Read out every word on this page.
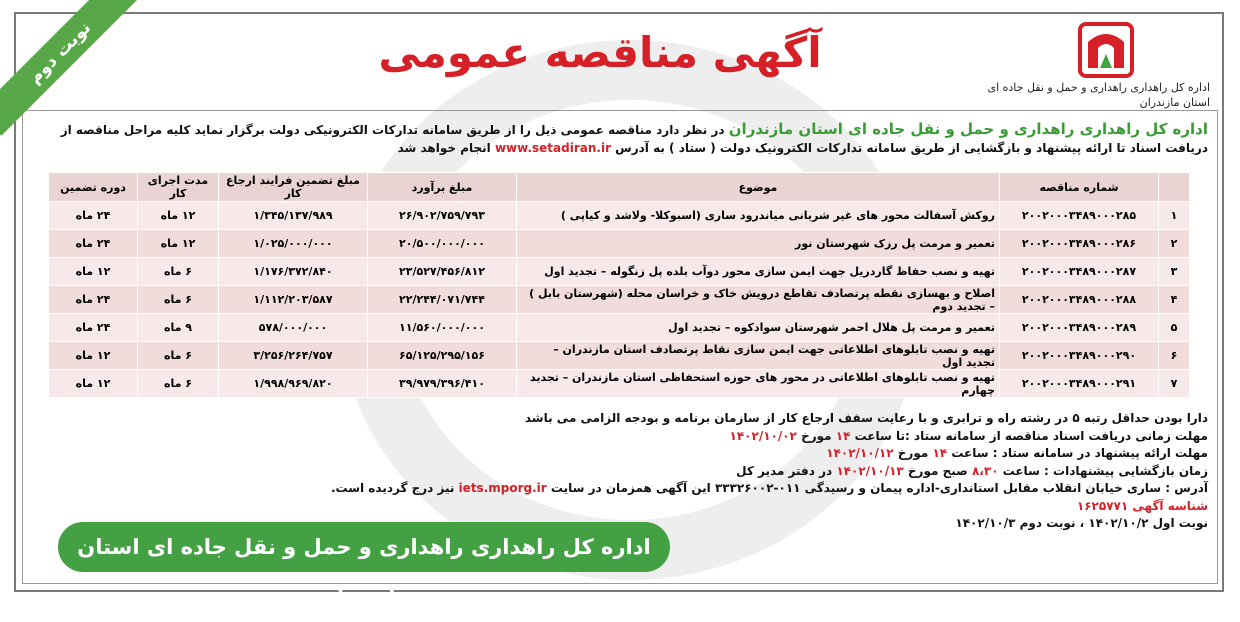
نوبت دوم	اداره کل راهداری راهداری و حمل و نقل جاده ای
استان مازندران
آگهی مناقصه عمومی
اداره کل راهداری راهداری و حمل و نقل جاده ای استان مازندران در نظر دارد مناقصه عمومی ذیل را از طریق سامانه تدارکات الکترونیکی دولت برگزار نماید کلیه مراحل مناقصه از دریافت اسناد تا ارائه پیشنهاد و بازگشایی از طریق سامانه تدارکات الکترونیک دولت ( ستاد ) به آدرس www.setadiran.ir انجام خواهد شد
	شماره مناقصه	موضوع	مبلغ برآورد	مبلغ تضمین فرایند ارجاع کار	مدت اجرای کار	دوره تضمین
۱	۲۰۰۲۰۰۰۳۴۸۹۰۰۰۲۸۵	روکش آسفالت محور های غیر شریانی میاندرود ساری (اسبوکلا- ولاشد و کیاپی )	۲۶/۹۰۲/۷۵۹/۷۹۳	۱/۳۴۵/۱۳۷/۹۸۹	۱۲ ماه	۲۴ ماه
۲	۲۰۰۲۰۰۰۳۴۸۹۰۰۰۲۸۶	تعمیر و مرمت پل رزک شهرستان نور	۲۰/۵۰۰/۰۰۰/۰۰۰	۱/۰۲۵/۰۰۰/۰۰۰	۱۲ ماه	۲۴ ماه
۳	۲۰۰۲۰۰۰۳۴۸۹۰۰۰۲۸۷	تهیه و نصب حفاظ گاردریل جهت ایمن سازی محور دوآب بلده پل زنگوله – تجدید اول	۲۳/۵۲۷/۴۵۶/۸۱۲	۱/۱۷۶/۳۷۲/۸۴۰	۶ ماه	۱۲ ماه
۴	۲۰۰۲۰۰۰۳۴۸۹۰۰۰۲۸۸	اصلاح و بهسازی نقطه پرتصادف تقاطع درویش خاک و خراسان محله (شهرستان بابل ) – تجدید دوم	۲۲/۲۴۴/۰۷۱/۷۴۴	۱/۱۱۲/۲۰۳/۵۸۷	۶ ماه	۲۴ ماه
۵	۲۰۰۲۰۰۰۳۴۸۹۰۰۰۲۸۹	تعمیر و مرمت پل هلال احمر شهرستان سوادکوه – تجدید اول	۱۱/۵۶۰/۰۰۰/۰۰۰	۵۷۸/۰۰۰/۰۰۰	۹ ماه	۲۴ ماه
۶	۲۰۰۲۰۰۰۳۴۸۹۰۰۰۲۹۰	تهیه و نصب تابلوهای اطلاعاتی جهت ایمن سازی نقاط پرتصادف استان مازندران – تجدید اول	۶۵/۱۲۵/۲۹۵/۱۵۶	۳/۲۵۶/۲۶۴/۷۵۷	۶ ماه	۱۲ ماه
۷	۲۰۰۲۰۰۰۳۴۸۹۰۰۰۲۹۱	تهیه و نصب تابلوهای اطلاعاتی در محور های حوزه استحفاظی استان مازندران – تجدید چهارم	۳۹/۹۷۹/۳۹۶/۴۱۰	۱/۹۹۸/۹۶۹/۸۲۰	۶ ماه	۱۲ ماه
دارا بودن حداقل رتبه ۵ در رشته راه و ترابری و با رعایت سقف ارجاع کار از سازمان برنامه و بودجه الزامی می باشد
مهلت زمانی دریافت اسناد مناقصه از سامانه ستاد :تا ساعت ۱۴ مورخ ۱۴۰۲/۱۰/۰۲
مهلت ارائه پیشنهاد در سامانه ستاد : ساعت ۱۴ مورخ ۱۴۰۲/۱۰/۱۲
زمان بازگشایی پیشنهادات : ساعت ۸،۳۰ صبح مورخ ۱۴۰۲/۱۰/۱۳ در دفتر مدیر کل
آدرس : ساری خیابان انقلاب مقابل استانداری-اداره پیمان و رسیدگی ۰۱۱-۳۳۳۲۶۰۰۲ این آگهی همزمان در سایت iets.mporg.ir نیز درج گردیده است.
شناسه آگهی ۱۶۲۵۷۷۱
نوبت اول ۱۴۰۲/۱۰/۲ ، نوبت دوم ۱۴۰۲/۱۰/۳
اداره کل راهداری راهداری و حمل و نقل جاده ای استان مازندران
